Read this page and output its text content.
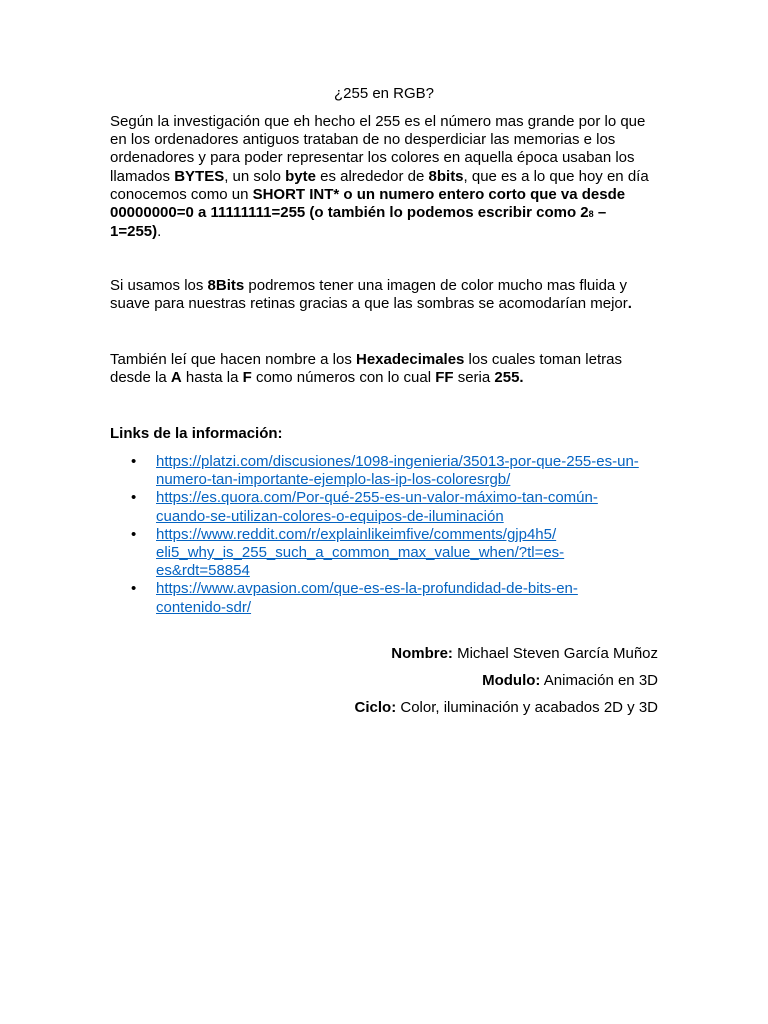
¿255 en RGB?
Según la investigación que eh hecho el 255 es el número mas grande por lo que en los ordenadores antiguos trataban de no desperdiciar las memorias e los ordenadores y para poder representar los colores en aquella época usaban los llamados BYTES, un solo byte es alrededor de 8bits, que es a lo que hoy en día conocemos como un SHORT INT* o un numero entero corto que va desde 00000000=0 a 11111111=255 (o también lo podemos escribir como 28 – 1=255).
Si usamos los 8Bits podremos tener una imagen de color mucho mas fluida y suave para nuestras retinas gracias a que las sombras se acomodarían mejor.
También leí que hacen nombre a los Hexadecimales los cuales toman letras desde la A hasta la F como números con lo cual FF seria 255.
Links de la información:
• https://platzi.com/discusiones/1098-ingenieria/35013-por-que-255-es-un-
numero-tan-importante-ejemplo-las-ip-los-coloresrgb/
• https://es.quora.com/Por-qué-255-es-un-valor-máximo-tan-común-
cuando-se-utilizan-colores-o-equipos-de-iluminación
• https://www.reddit.com/r/explainlikeimfive/comments/gjp4h5/
eli5_why_is_255_such_a_common_max_value_when/?tl=es-
es&rdt=58854
• https://www.avpasion.com/que-es-es-la-profundidad-de-bits-en-
contenido-sdr/
Nombre: Michael Steven García Muñoz
Modulo: Animación en 3D
Ciclo: Color, iluminación y acabados 2D y 3D
